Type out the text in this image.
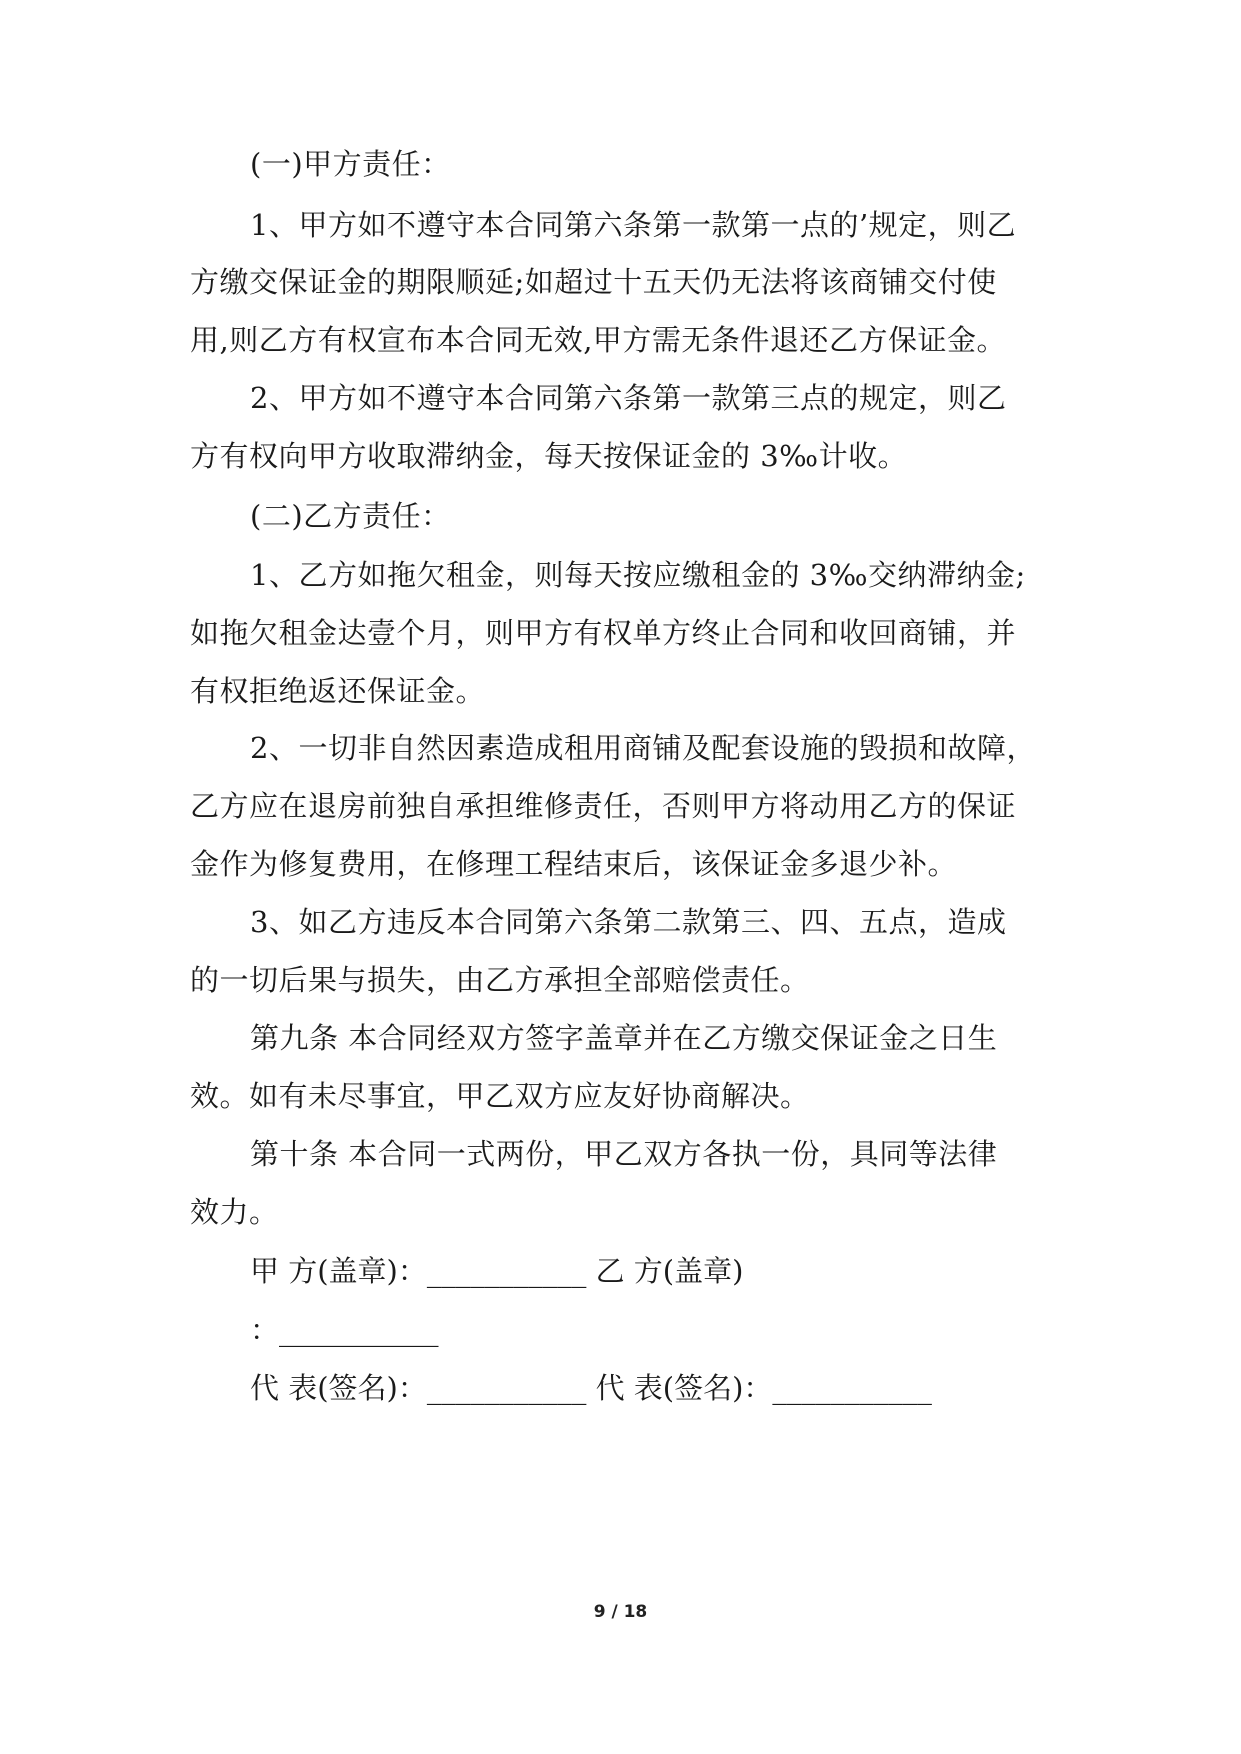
(一)甲方责任：
1、甲方如不遵守本合同第六条第一款第一点的’规定，则乙
方缴交保证金的期限顺延;如超过十五天仍无法将该商铺交付使
用,则乙方有权宣布本合同无效,甲方需无条件退还乙方保证金。
2、甲方如不遵守本合同第六条第一款第三点的规定，则乙
方有权向甲方收取滞纳金，每天按保证金的 3‰计收。
(二)乙方责任：
1、乙方如拖欠租金，则每天按应缴租金的 3‰交纳滞纳金;
如拖欠租金达壹个月，则甲方有权单方终止合同和收回商铺，并
有权拒绝返还保证金。
2、一切非自然因素造成租用商铺及配套设施的毁损和故障，
乙方应在退房前独自承担维修责任，否则甲方将动用乙方的保证
金作为修复费用，在修理工程结束后，该保证金多退少补。
3、如乙方违反本合同第六条第二款第三、四、五点，造成
的一切后果与损失，由乙方承担全部赔偿责任。
第九条 本合同经双方签字盖章并在乙方缴交保证金之日生
效。如有未尽事宜，甲乙双方应友好协商解决。
第十条 本合同一式两份，甲乙双方各执一份，具同等法律
效力。
甲 方(盖章)：___________ 乙 方(盖章)
：___________
代 表(签名)：___________ 代 表(签名)：___________
9 / 18
